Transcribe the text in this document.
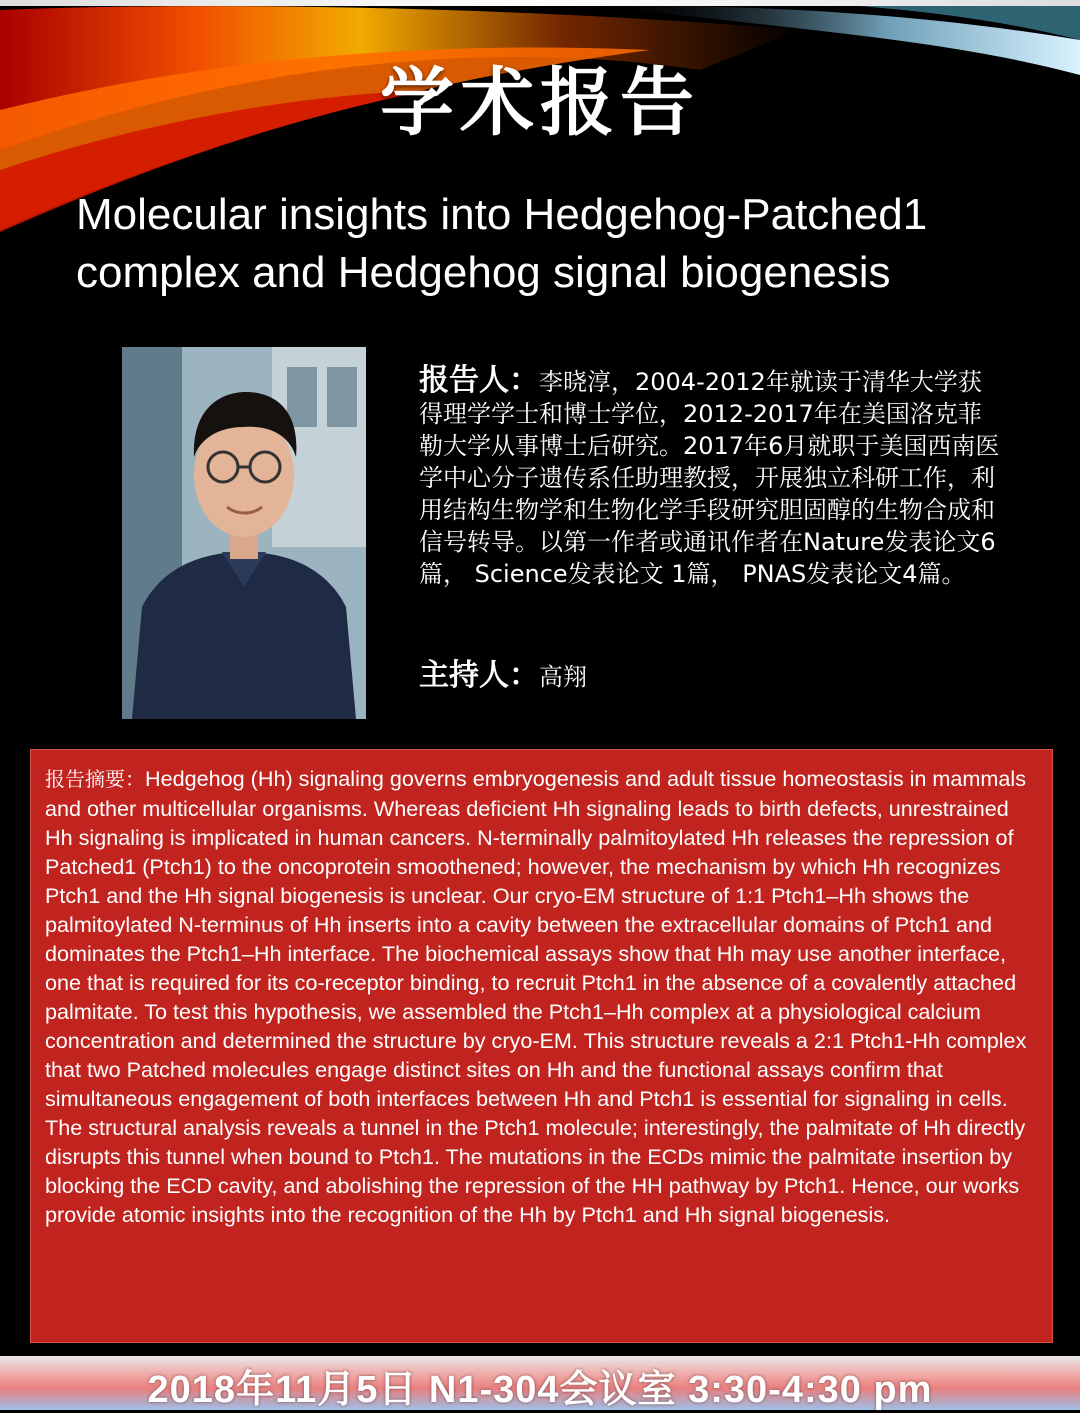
学术报告
Molecular insights into Hedgehog-Patched1
complex and Hedgehog signal biogenesis
报告人：李晓淳，2004-2012年就读于清华大学获得理学学士和博士学位，2012-2017年在美国洛克菲勒大学从事博士后研究。2017年6月就职于美国西南医学中心分子遗传系任助理教授，开展独立科研工作，利用结构生物学和生物化学手段研究胆固醇的生物合成和信号转导。以第一作者或通讯作者在Nature发表论文6篇， Science发表论文 1篇， PNAS发表论文4篇。
主持人：高翔
报告摘要：Hedgehog (Hh) signaling governs embryogenesis and adult tissue homeostasis in mammals and other multicellular organisms. Whereas deficient Hh signaling leads to birth defects, unrestrained Hh signaling is implicated in human cancers. N-terminally palmitoylated Hh releases the repression of Patched1 (Ptch1) to the oncoprotein smoothened; however, the mechanism by which Hh recognizes Ptch1 and the Hh signal biogenesis is unclear. Our cryo-EM structure of 1:1 Ptch1–Hh shows the palmitoylated N-terminus of Hh inserts into a cavity between the extracellular domains of Ptch1 and dominates the Ptch1–Hh interface. The biochemical assays show that Hh may use another interface, one that is required for its co-receptor binding, to recruit Ptch1 in the absence of a covalently attached palmitate. To test this hypothesis, we assembled the Ptch1–Hh complex at a physiological calcium concentration and determined the structure by cryo-EM. This structure reveals a 2:1 Ptch1-Hh complex that two Patched molecules engage distinct sites on Hh and the functional assays confirm that simultaneous engagement of both interfaces between Hh and Ptch1 is essential for signaling in cells. The structural analysis reveals a tunnel in the Ptch1 molecule; interestingly, the palmitate of Hh directly disrupts this tunnel when bound to Ptch1. The mutations in the ECDs mimic the palmitate insertion by blocking the ECD cavity, and abolishing the repression of the HH pathway by Ptch1. Hence, our works provide atomic insights into the recognition of the Hh by Ptch1 and Hh signal biogenesis.
2018年11月5日 N1-304会议室 3:30-4:30 pm
